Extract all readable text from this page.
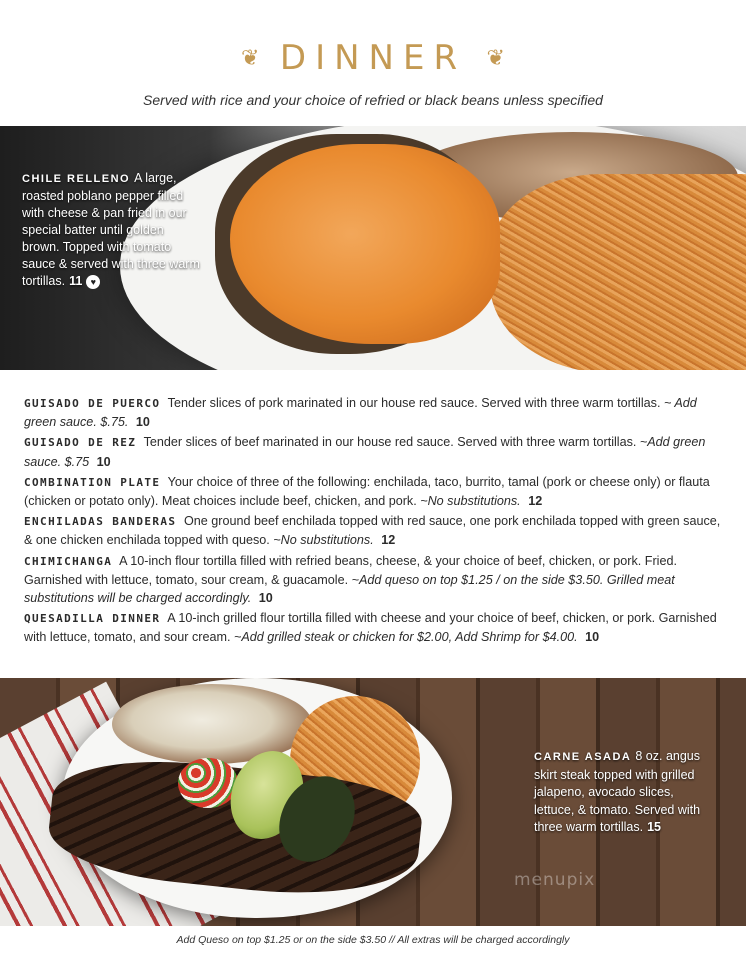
❦ DINNER ❦
Served with rice and your choice of refried or black beans unless specified
CHILE RELLENO A large, roasted poblano pepper filled with cheese & pan fried in our special batter until golden brown. Topped with tomato sauce & served with three warm tortillas. 11 ♥
GUISADO DE PUERCO Tender slices of pork marinated in our house red sauce. Served with three warm tortillas. ~ Add green sauce. $.75. 10
GUISADO DE REZ Tender slices of beef marinated in our house red sauce. Served with three warm tortillas. ~Add green sauce. $.75 10
COMBINATION PLATE Your choice of three of the following: enchilada, taco, burrito, tamal (pork or cheese only) or flauta (chicken or potato only). Meat choices include beef, chicken, and pork. ~No substitutions. 12
ENCHILADAS BANDERAS One ground beef enchilada topped with red sauce, one pork enchilada topped with green sauce, & one chicken enchilada topped with queso. ~No substitutions. 12
CHIMICHANGA A 10-inch flour tortilla filled with refried beans, cheese, & your choice of beef, chicken, or pork. Fried. Garnished with lettuce, tomato, sour cream, & guacamole. ~Add queso on top $1.25 / on the side $3.50. Grilled meat substitutions will be charged accordingly. 10
QUESADILLA DINNER A 10-inch grilled flour tortilla filled with cheese and your choice of beef, chicken, or pork. Garnished with lettuce, tomato, and sour cream. ~Add grilled steak or chicken for $2.00, Add Shrimp for $4.00. 10
CARNE ASADA 8 oz. angus skirt steak topped with grilled jalapeno, avocado slices, lettuce, & tomato. Served with three warm tortillas. 15
menupix
Add Queso on top $1.25 or on the side $3.50 // All extras will be charged accordingly
